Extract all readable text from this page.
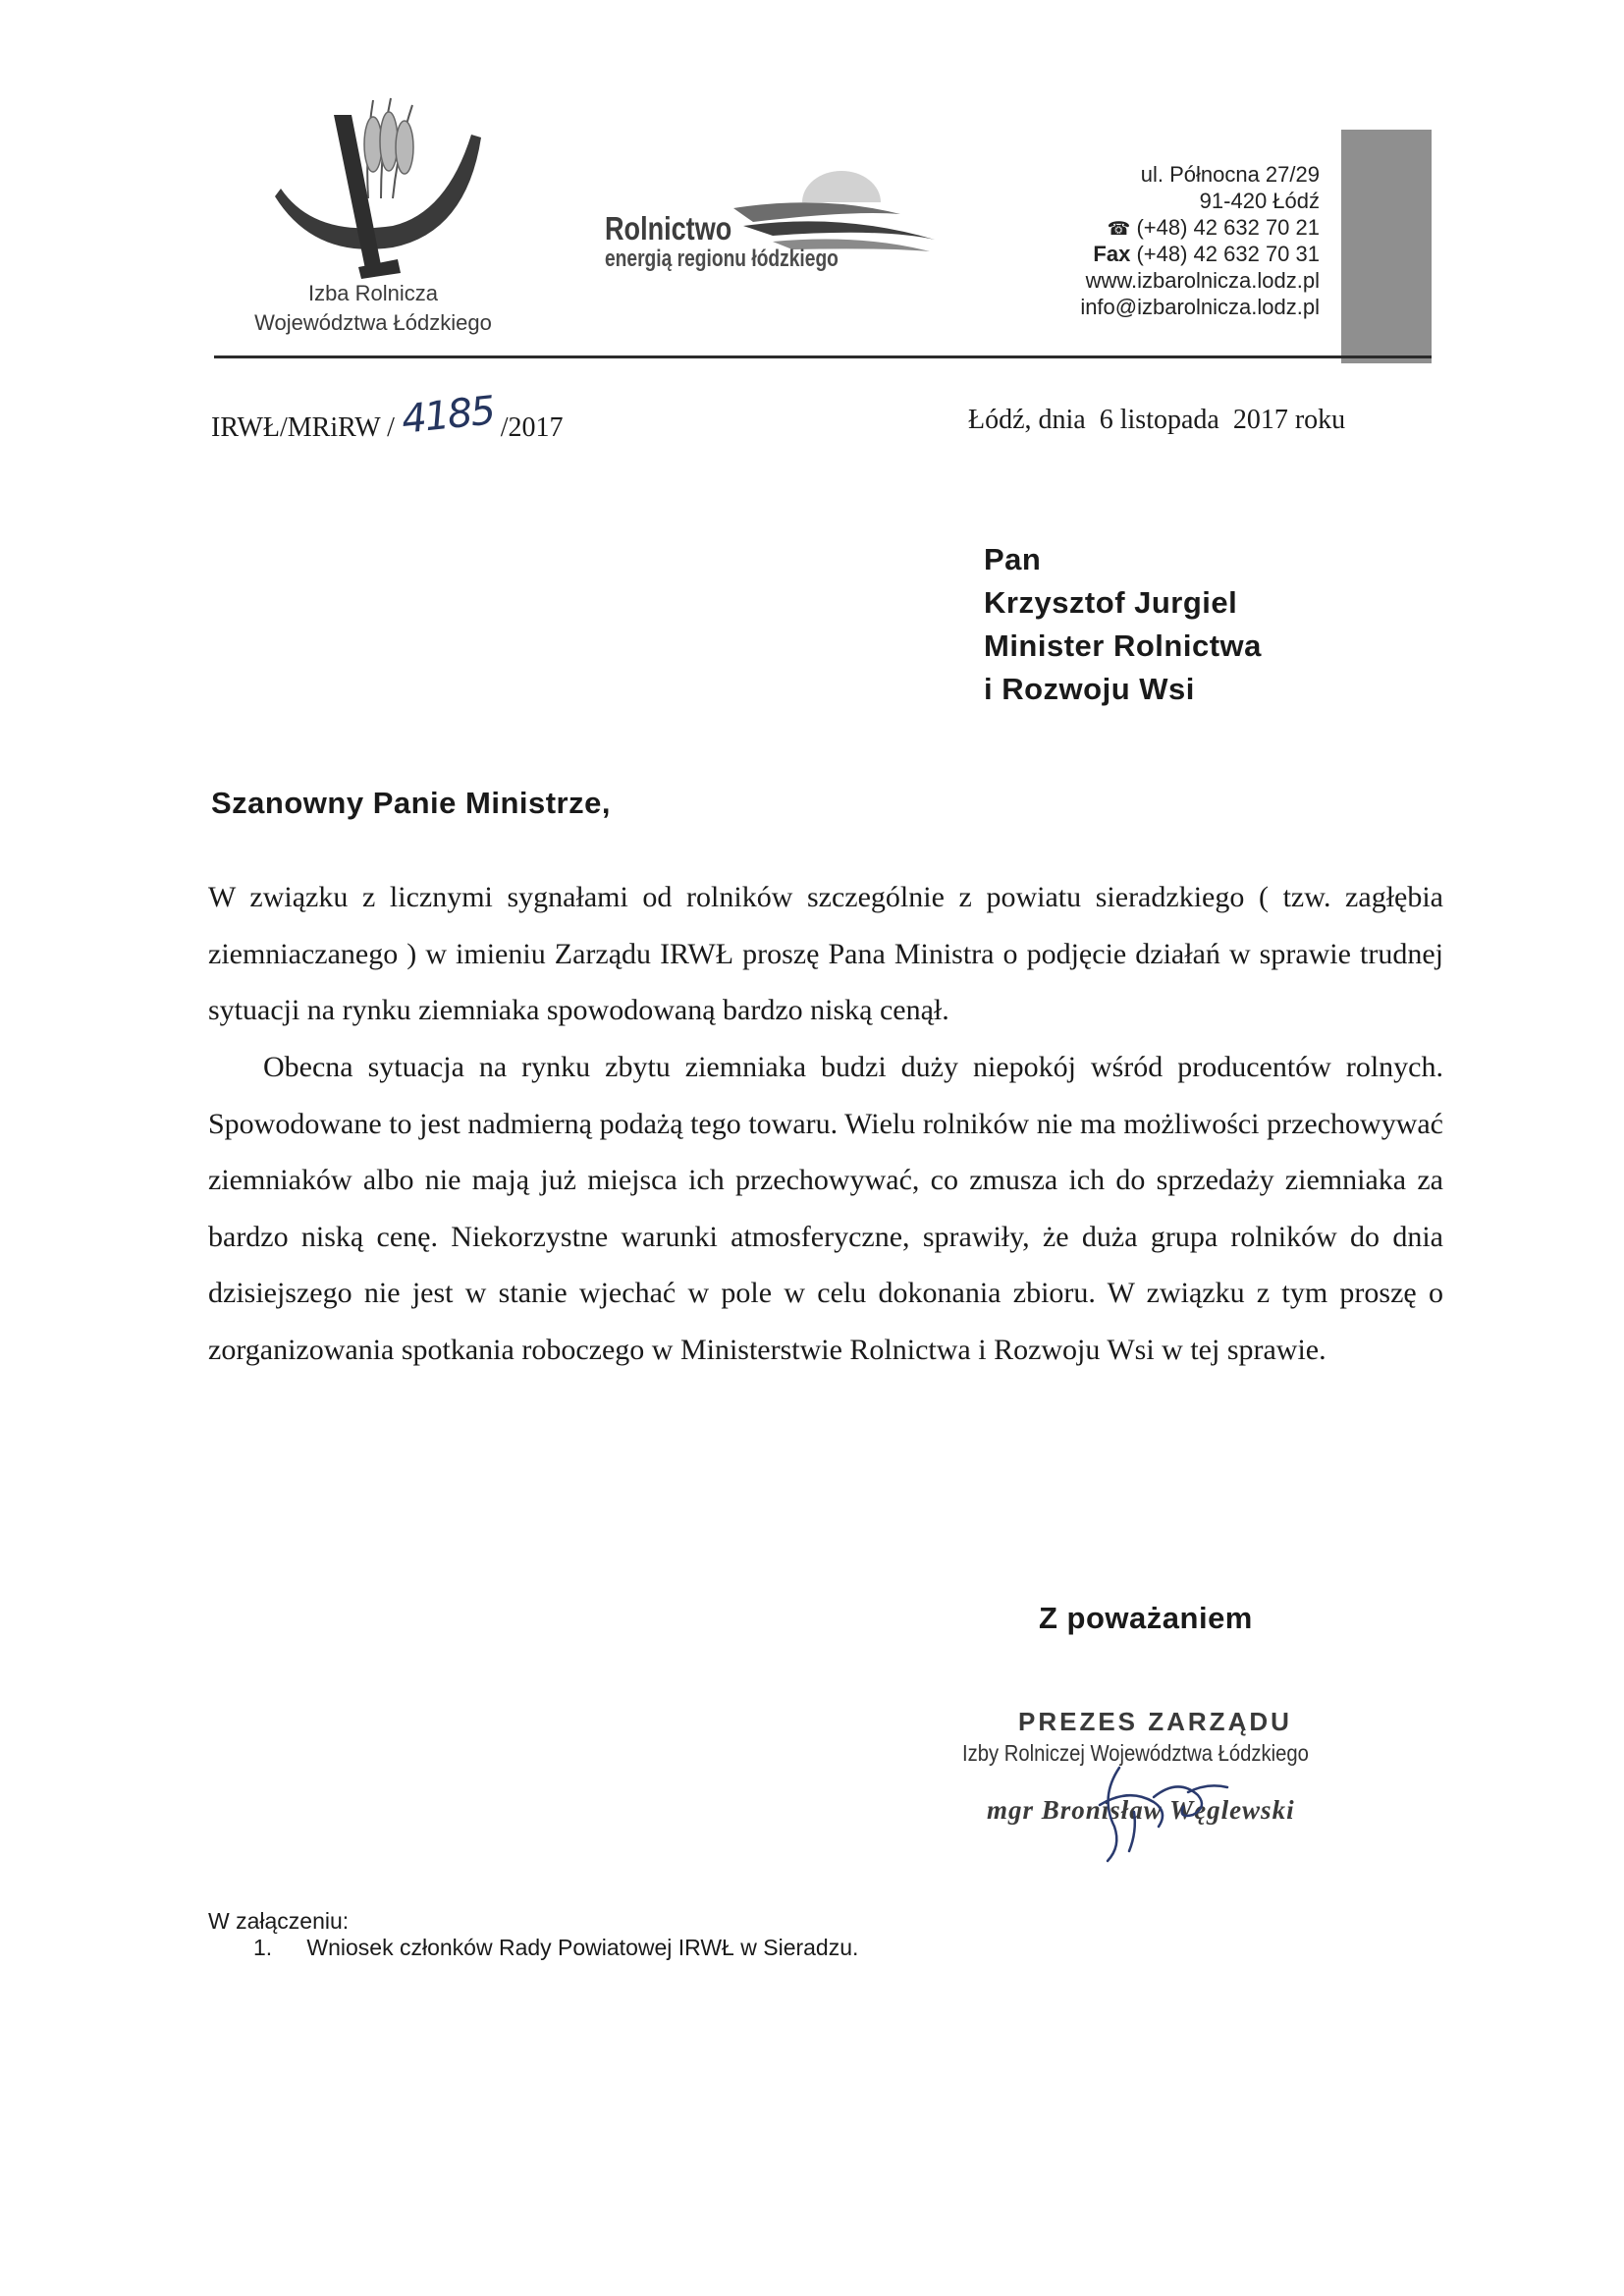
Izba Rolnicza
Województwa Łódzkiego
Rolnictwo
energią regionu łódzkiego
ul. Północna 27/29
91-420 Łódź
☎ (+48) 42 632 70 21
Fax (+48) 42 632 70 31
www.izbarolnicza.lodz.pl
info@izbarolnicza.lodz.pl
IRWŁ/MRiRW / 4185 /2017	Łódź, dnia  6 listopada  2017 roku
Pan
Krzysztof Jurgiel
Minister Rolnictwa
i Rozwoju Wsi
Szanowny Panie Ministrze,
W związku z licznymi sygnałami od rolników szczególnie z powiatu sieradzkiego ( tzw. zagłębia ziemniaczanego ) w imieniu Zarządu IRWŁ proszę Pana Ministra o podjęcie działań w sprawie trudnej sytuacji na rynku ziemniaka spowodowaną bardzo niską cenął.
Obecna sytuacja na rynku zbytu ziemniaka budzi duży niepokój wśród producentów rolnych. Spowodowane to jest nadmierną podażą tego towaru. Wielu rolników nie ma możliwości przechowywać ziemniaków albo nie mają już miejsca ich przechowywać, co zmusza ich do sprzedaży ziemniaka za bardzo niską cenę. Niekorzystne warunki atmosferyczne, sprawiły, że duża grupa rolników do dnia dzisiejszego nie jest w stanie wjechać w pole w celu dokonania zbioru. W związku z tym proszę o zorganizowania spotkania roboczego w Ministerstwie Rolnictwa i Rozwoju Wsi w tej sprawie.
Z poważaniem
PREZES ZARZĄDU
Izby Rolniczej Województwa Łódzkiego
mgr Bronisław Węglewski
W załączeniu:
1. Wniosek członków Rady Powiatowej IRWŁ w Sieradzu.
